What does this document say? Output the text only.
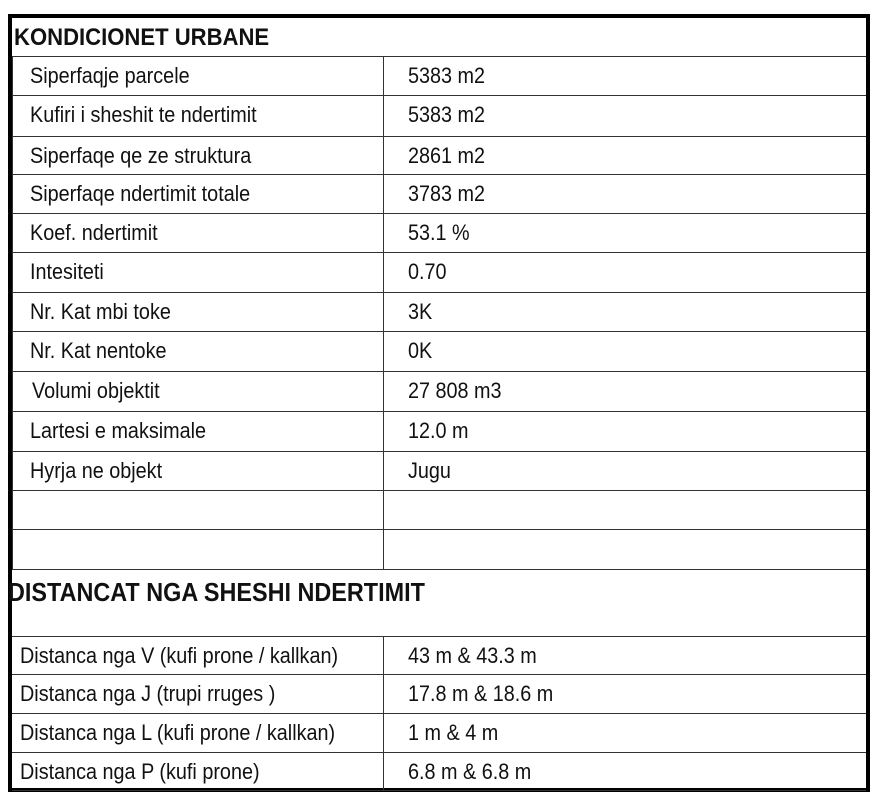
KONDICIONET URBANE
DISTANCAT NGA SHESHI NDERTIMIT
Siperfaqje parcele	5383 m2
Kufiri i sheshit te ndertimit	5383 m2
Siperfaqe qe ze struktura	2861 m2
Siperfaqe ndertimit totale	3783 m2
Koef. ndertimit	53.1 %
Intesiteti	0.70
Nr. Kat mbi toke	3K
Nr. Kat nentoke	0K
Volumi objektit	27 808 m3
Lartesi e maksimale	12.0 m
Hyrja ne objekt	Jugu
Distanca nga V (kufi prone / kallkan)	43 m & 43.3 m
Distanca nga J (trupi rruges )	17.8 m & 18.6 m
Distanca nga L (kufi prone / kallkan)	1 m & 4 m
Distanca nga P (kufi prone)	6.8 m & 6.8 m
